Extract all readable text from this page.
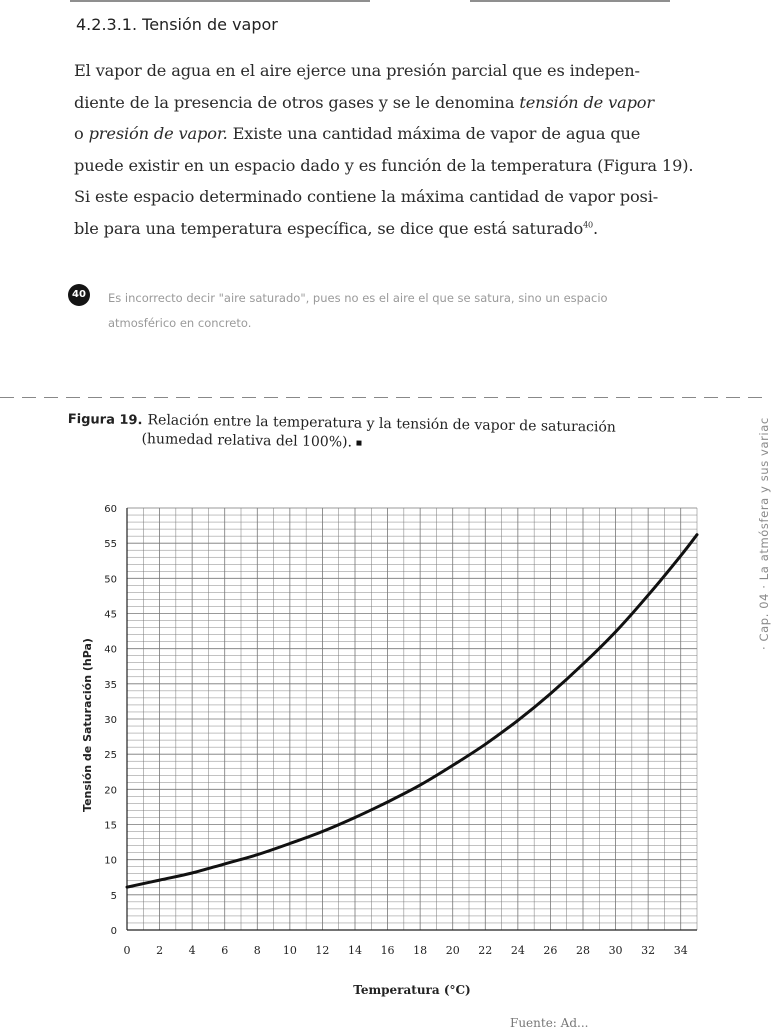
4.2.3.1. Tensión de vapor

El vapor de agua en el aire ejerce una presión parcial que es indepen-
diente de la presencia de otros gases y se le denomina tensión de vapor
o presión de vapor. Existe una cantidad máxima de vapor de agua que
puede existir en un espacio dado y es función de la temperatura (Figura 19).
Si este espacio determinado contiene la máxima cantidad de vapor posi-
ble para una temperatura específica, se dice que está saturado$^{40}$.

40	Es incorrecto decir "aire saturado", pues no es el aire el que se satura, sino un espacio
atmosférico en concreto.

· Cap. 04 · La atmósfera y sus variac
Figura 19. Relación entre la temperatura y la tensión de vapor de saturación
(humedad relativa del 100%).
0 2 4 6 8 10 12 14 16 18 20 22 24 26 28 30 32 34
0
5
10
15
20
25
30
35
40
45
50
55
60
Temperatura (°C)
Tensión de Saturación (hPa)
Fuente: Ad...
